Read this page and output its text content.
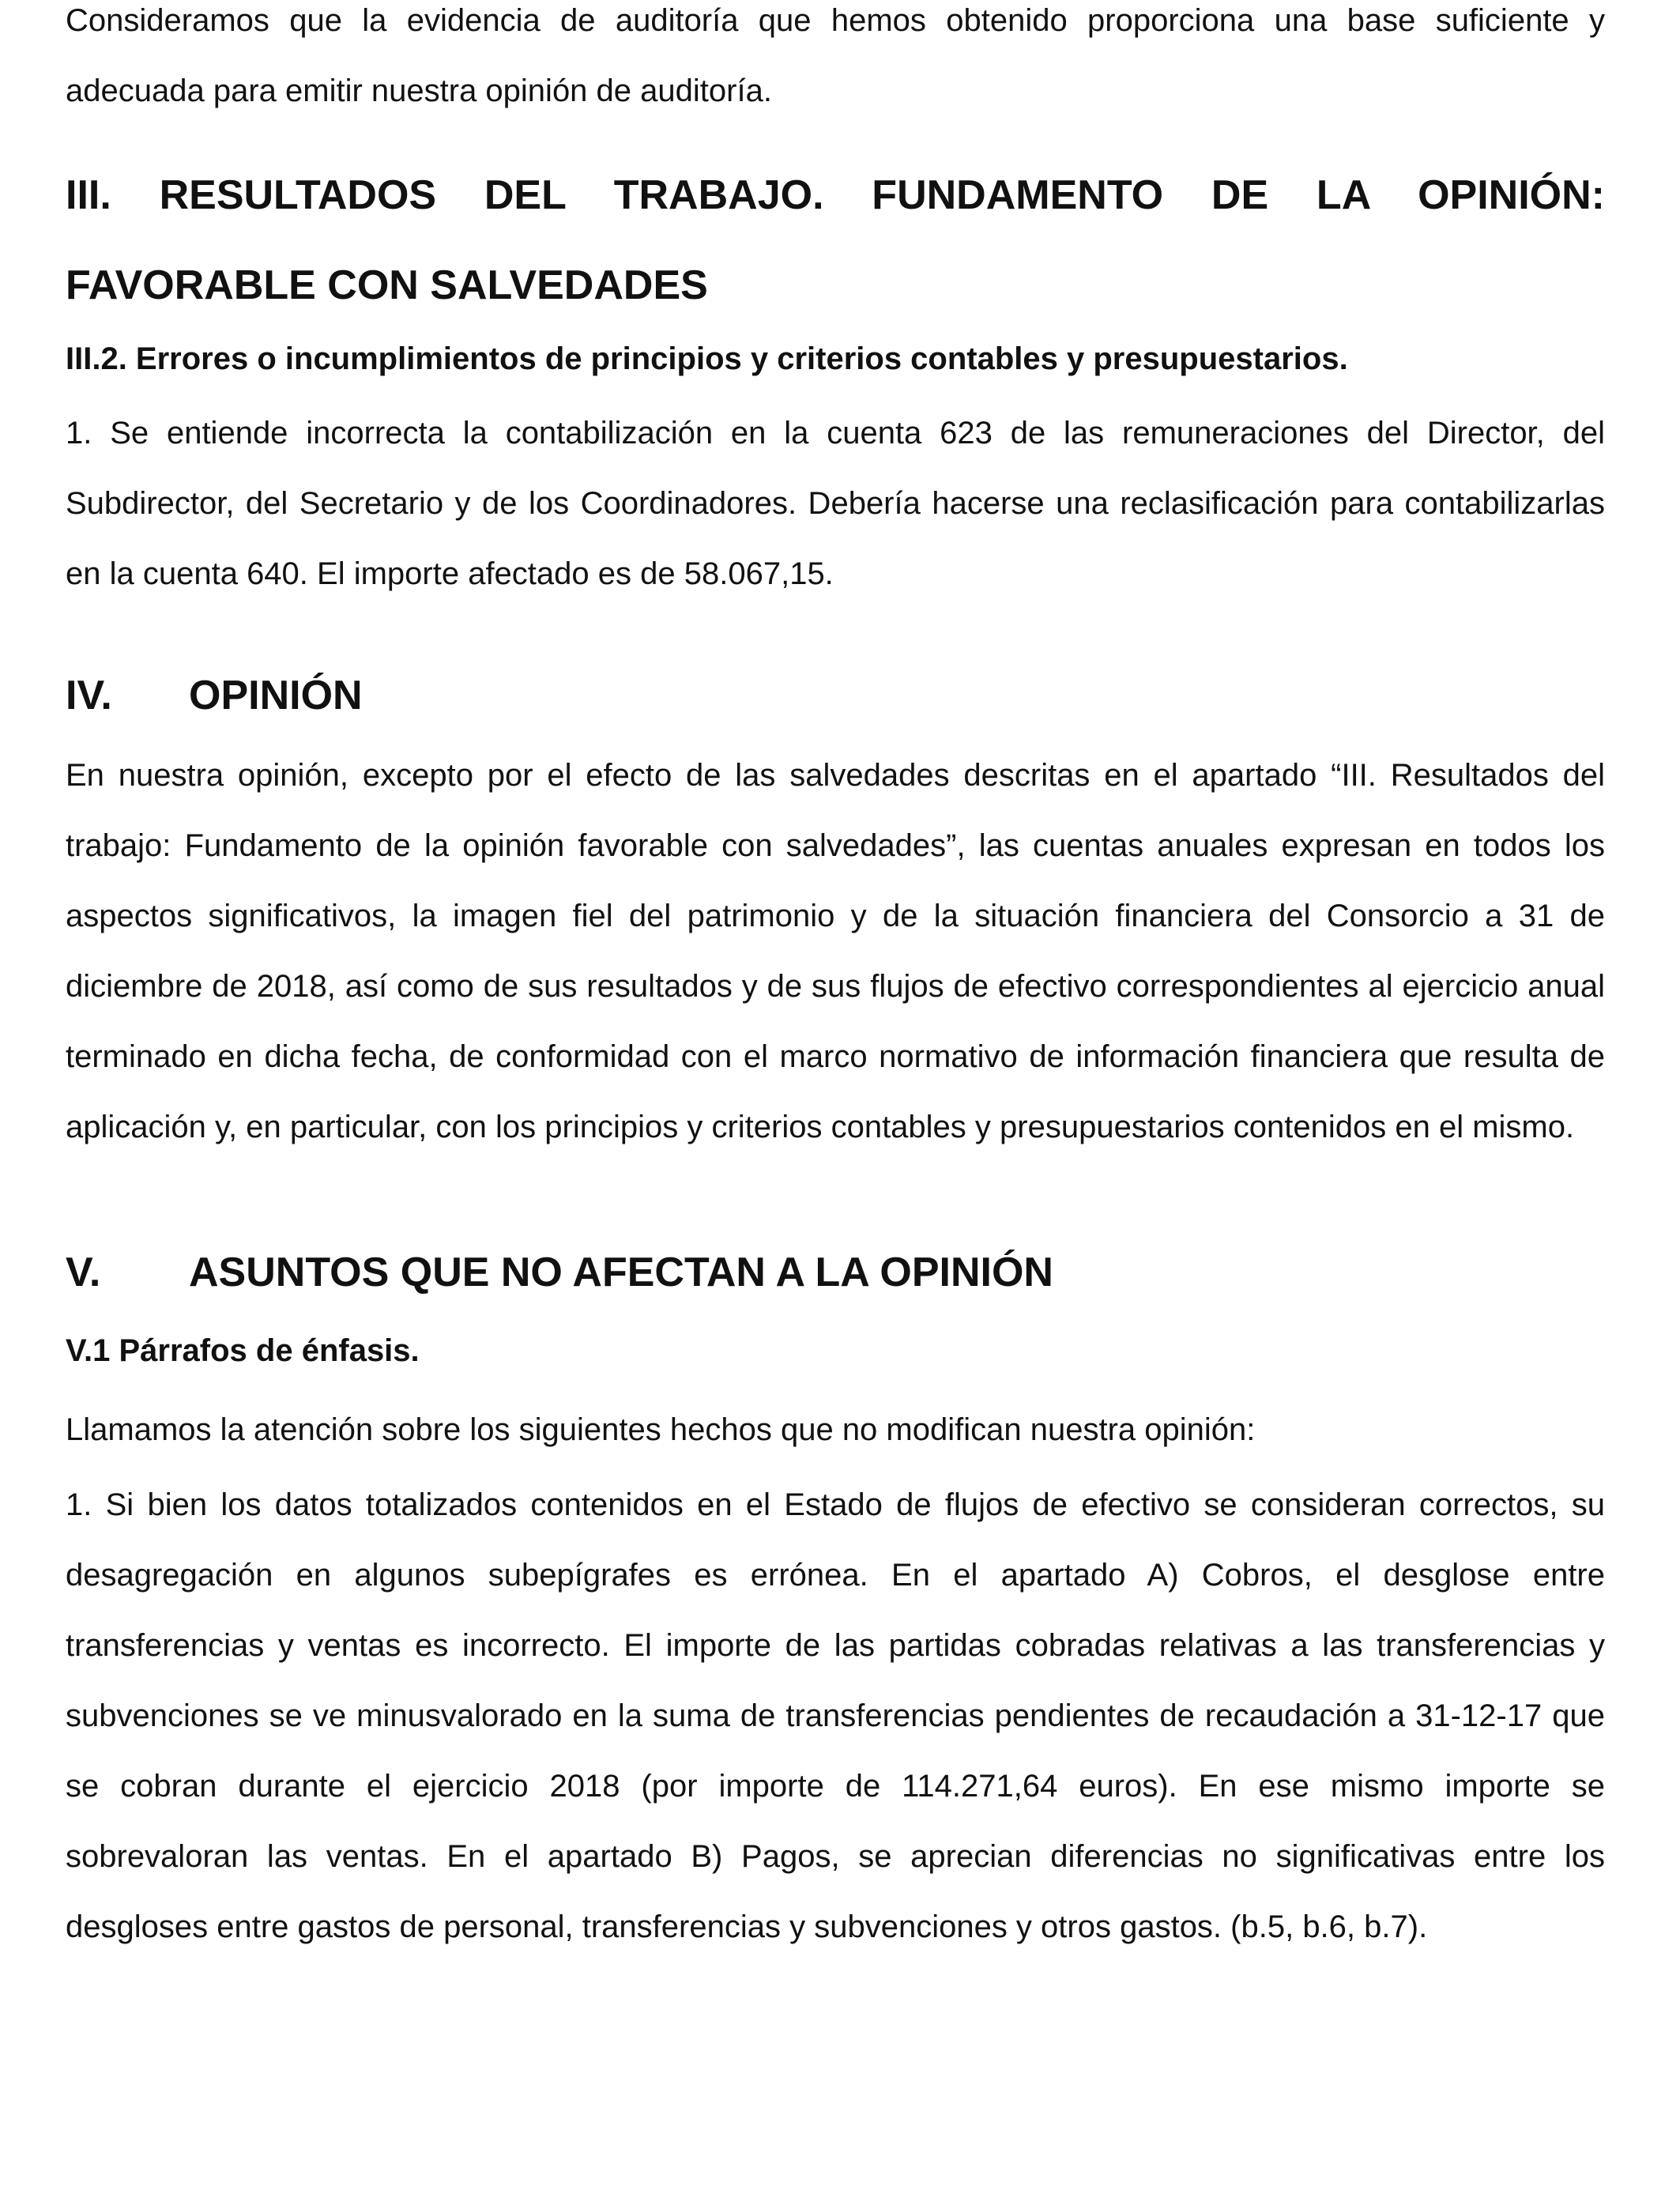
Consideramos que la evidencia de auditoría que hemos obtenido proporciona una base suficiente y adecuada para emitir nuestra opinión de auditoría.

III. RESULTADOS DEL TRABAJO. FUNDAMENTO DE LA OPINIÓN: FAVORABLE CON SALVEDADES

III.2. Errores o incumplimientos de principios y criterios contables y presupuestarios.

1. Se entiende incorrecta la contabilización en la cuenta 623 de las remuneraciones del Director, del Subdirector, del Secretario y de los Coordinadores. Debería hacerse una reclasificación para contabilizarlas en la cuenta 640. El importe afectado es de 58.067,15.

IV. OPINIÓN

En nuestra opinión, excepto por el efecto de las salvedades descritas en el apartado “III. Resultados del trabajo: Fundamento de la opinión favorable con salvedades”, las cuentas anuales expresan en todos los aspectos significativos, la imagen fiel del patrimonio y de la situación financiera del Consorcio a 31 de diciembre de 2018, así como de sus resultados y de sus flujos de efectivo correspondientes al ejercicio anual terminado en dicha fecha, de conformidad con el marco normativo de información financiera que resulta de aplicación y, en particular, con los principios y criterios contables y presupuestarios contenidos en el mismo.

V. ASUNTOS QUE NO AFECTAN A LA OPINIÓN

V.1 Párrafos de énfasis.

Llamamos la atención sobre los siguientes hechos que no modifican nuestra opinión:

1. Si bien los datos totalizados contenidos en el Estado de flujos de efectivo se consideran correctos, su desagregación en algunos subepígrafes es errónea. En el apartado A) Cobros, el desglose entre transferencias y ventas es incorrecto. El importe de las partidas cobradas relativas a las transferencias y subvenciones se ve minusvalorado en la suma de transferencias pendientes de recaudación a 31-12-17 que se cobran durante el ejercicio 2018 (por importe de 114.271,64 euros). En ese mismo importe se sobrevaloran las ventas. En el apartado B) Pagos, se aprecian diferencias no significativas entre los desgloses entre gastos de personal, transferencias y subvenciones y otros gastos. (b.5, b.6, b.7).
